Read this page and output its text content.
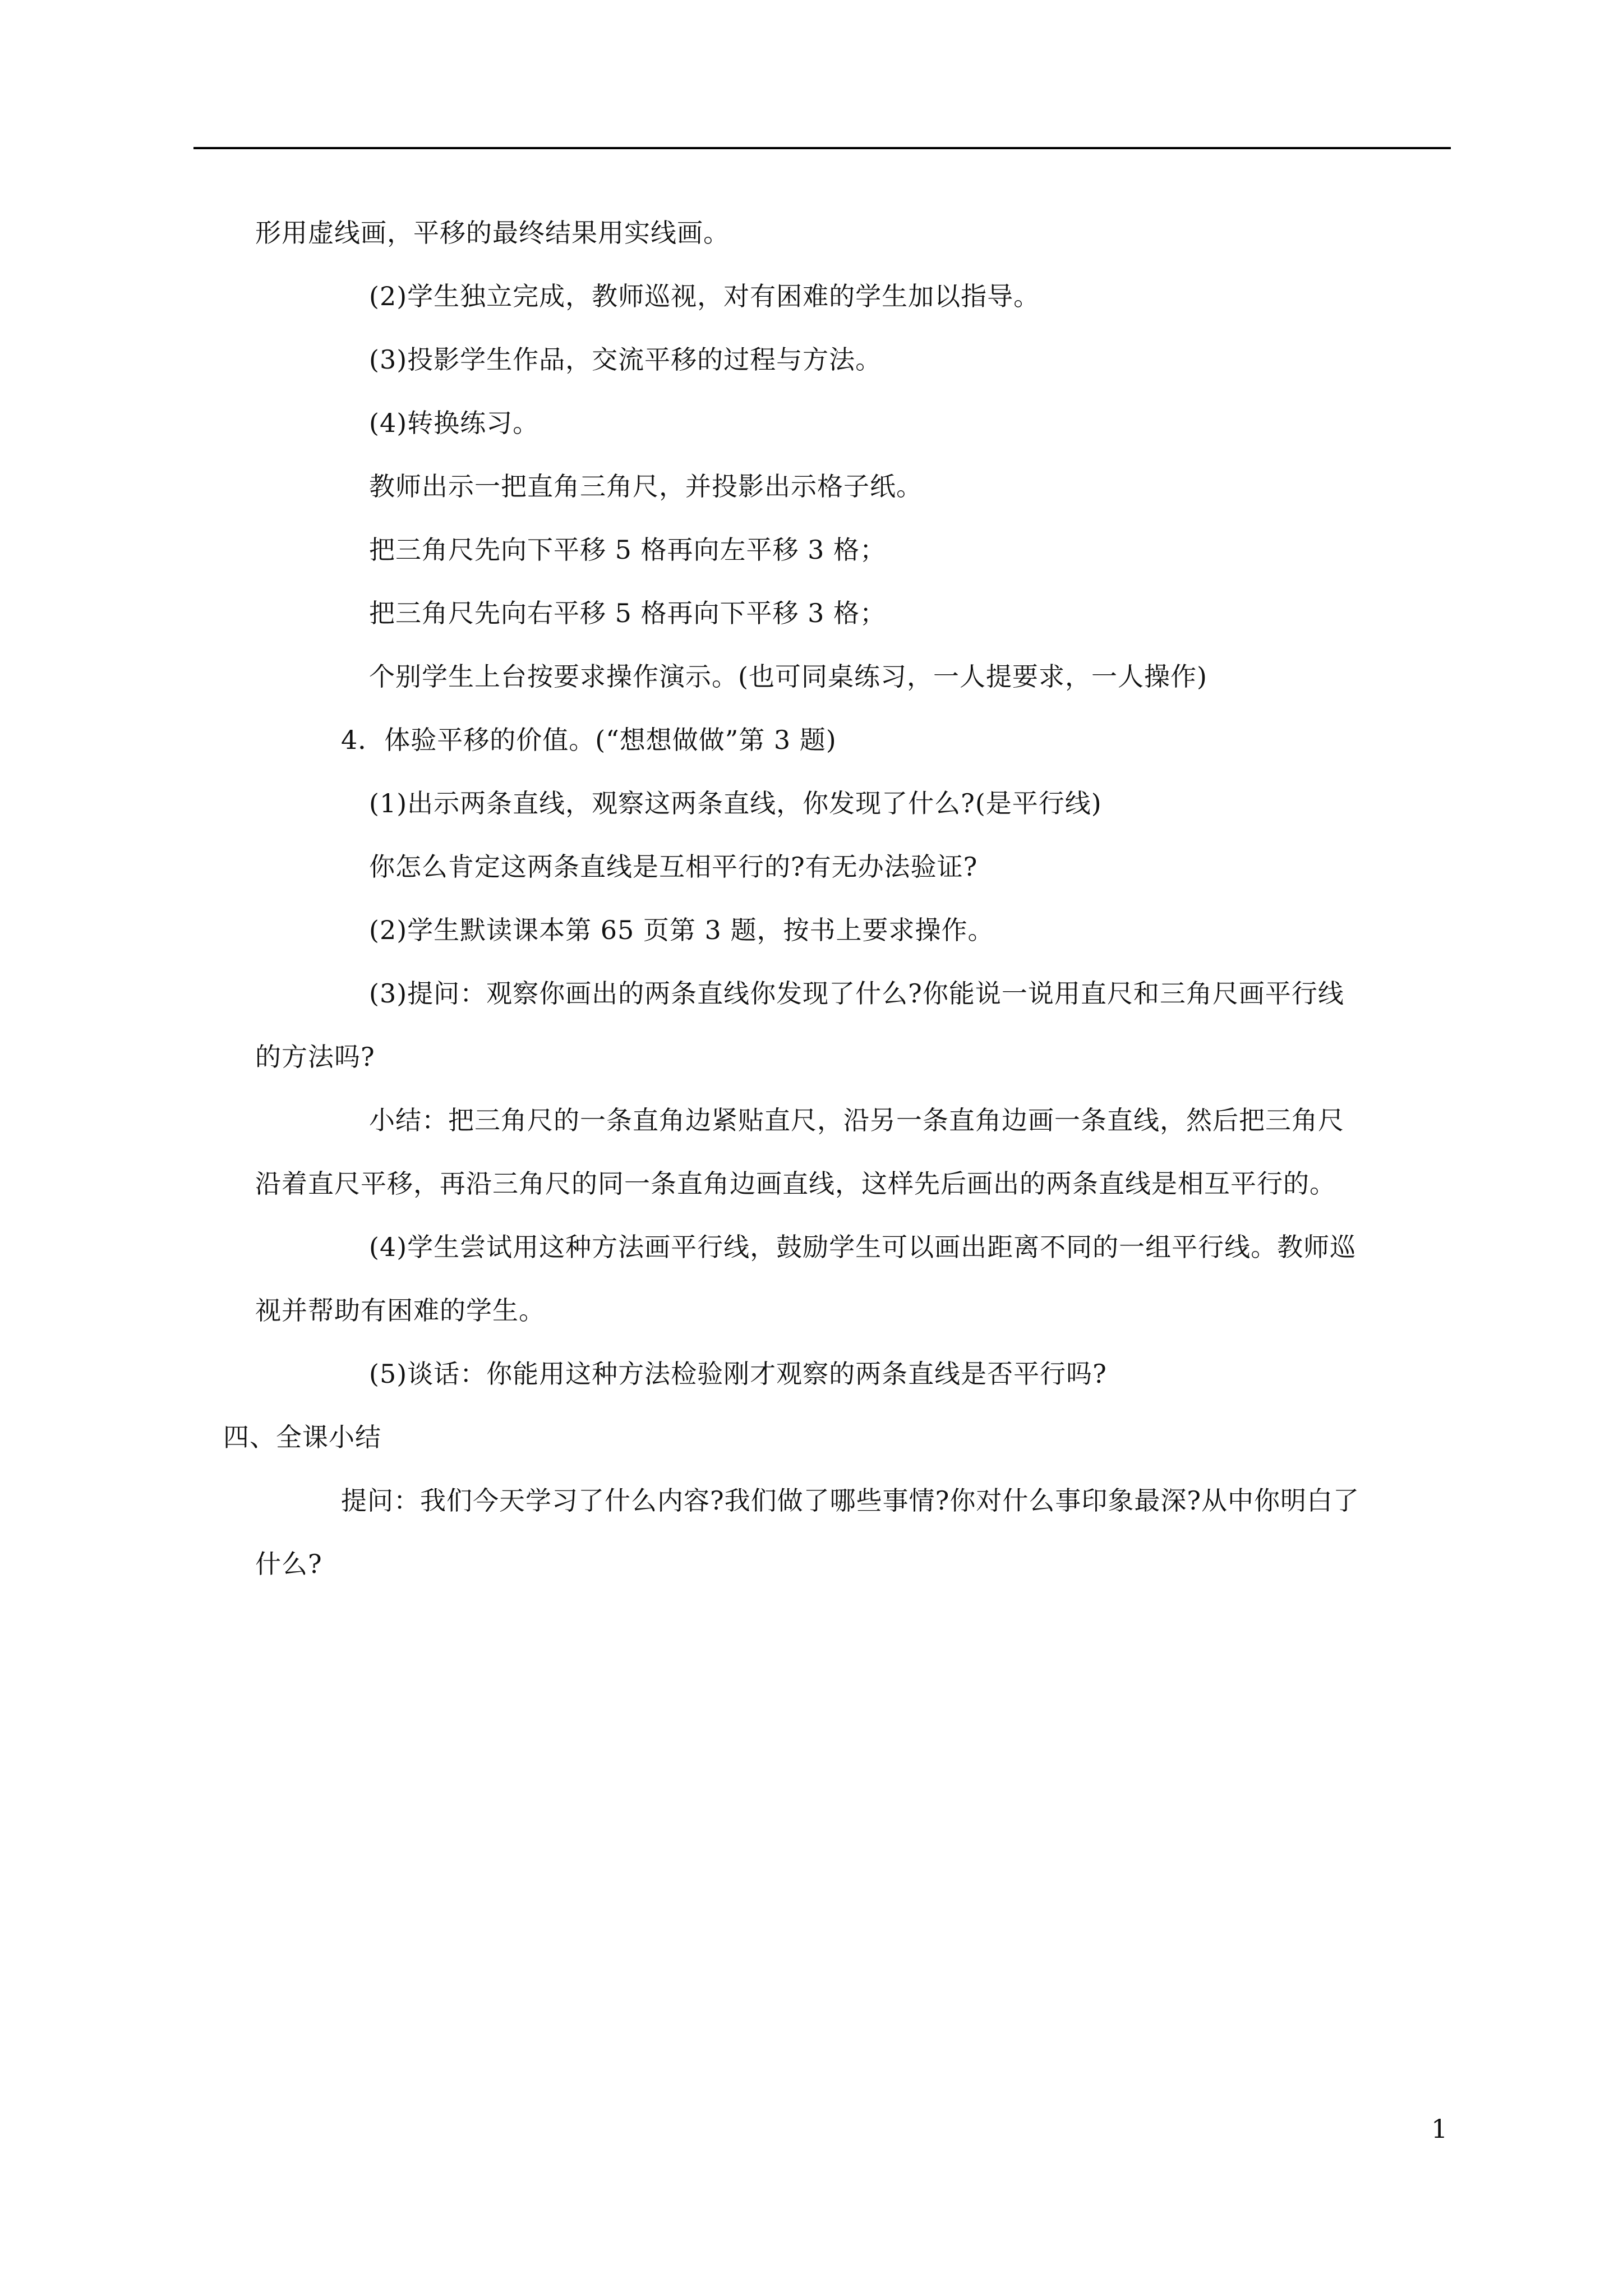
形用虚线画，平移的最终结果用实线画。
(2)学生独立完成，教师巡视，对有困难的学生加以指导。
(3)投影学生作品，交流平移的过程与方法。
(4)转换练习。
教师出示一把直角三角尺，并投影出示格子纸。
把三角尺先向下平移 5 格再向左平移 3 格；
把三角尺先向右平移 5 格再向下平移 3 格；
个别学生上台按要求操作演示。(也可同桌练习，一人提要求，一人操作)
4．体验平移的价值。(“想想做做”第 3 题)
(1)出示两条直线，观察这两条直线，你发现了什么?(是平行线)
你怎么肯定这两条直线是互相平行的?有无办法验证?
(2)学生默读课本第 65 页第 3 题，按书上要求操作。
(3)提问：观察你画出的两条直线你发现了什么?你能说一说用直尺和三角尺画平行线
的方法吗?
小结：把三角尺的一条直角边紧贴直尺，沿另一条直角边画一条直线，然后把三角尺
沿着直尺平移，再沿三角尺的同一条直角边画直线，这样先后画出的两条直线是相互平行的。
(4)学生尝试用这种方法画平行线，鼓励学生可以画出距离不同的一组平行线。教师巡
视并帮助有困难的学生。
(5)谈话：你能用这种方法检验刚才观察的两条直线是否平行吗?
四、全课小结
提问：我们今天学习了什么内容?我们做了哪些事情?你对什么事印象最深?从中你明白了
什么?
1
